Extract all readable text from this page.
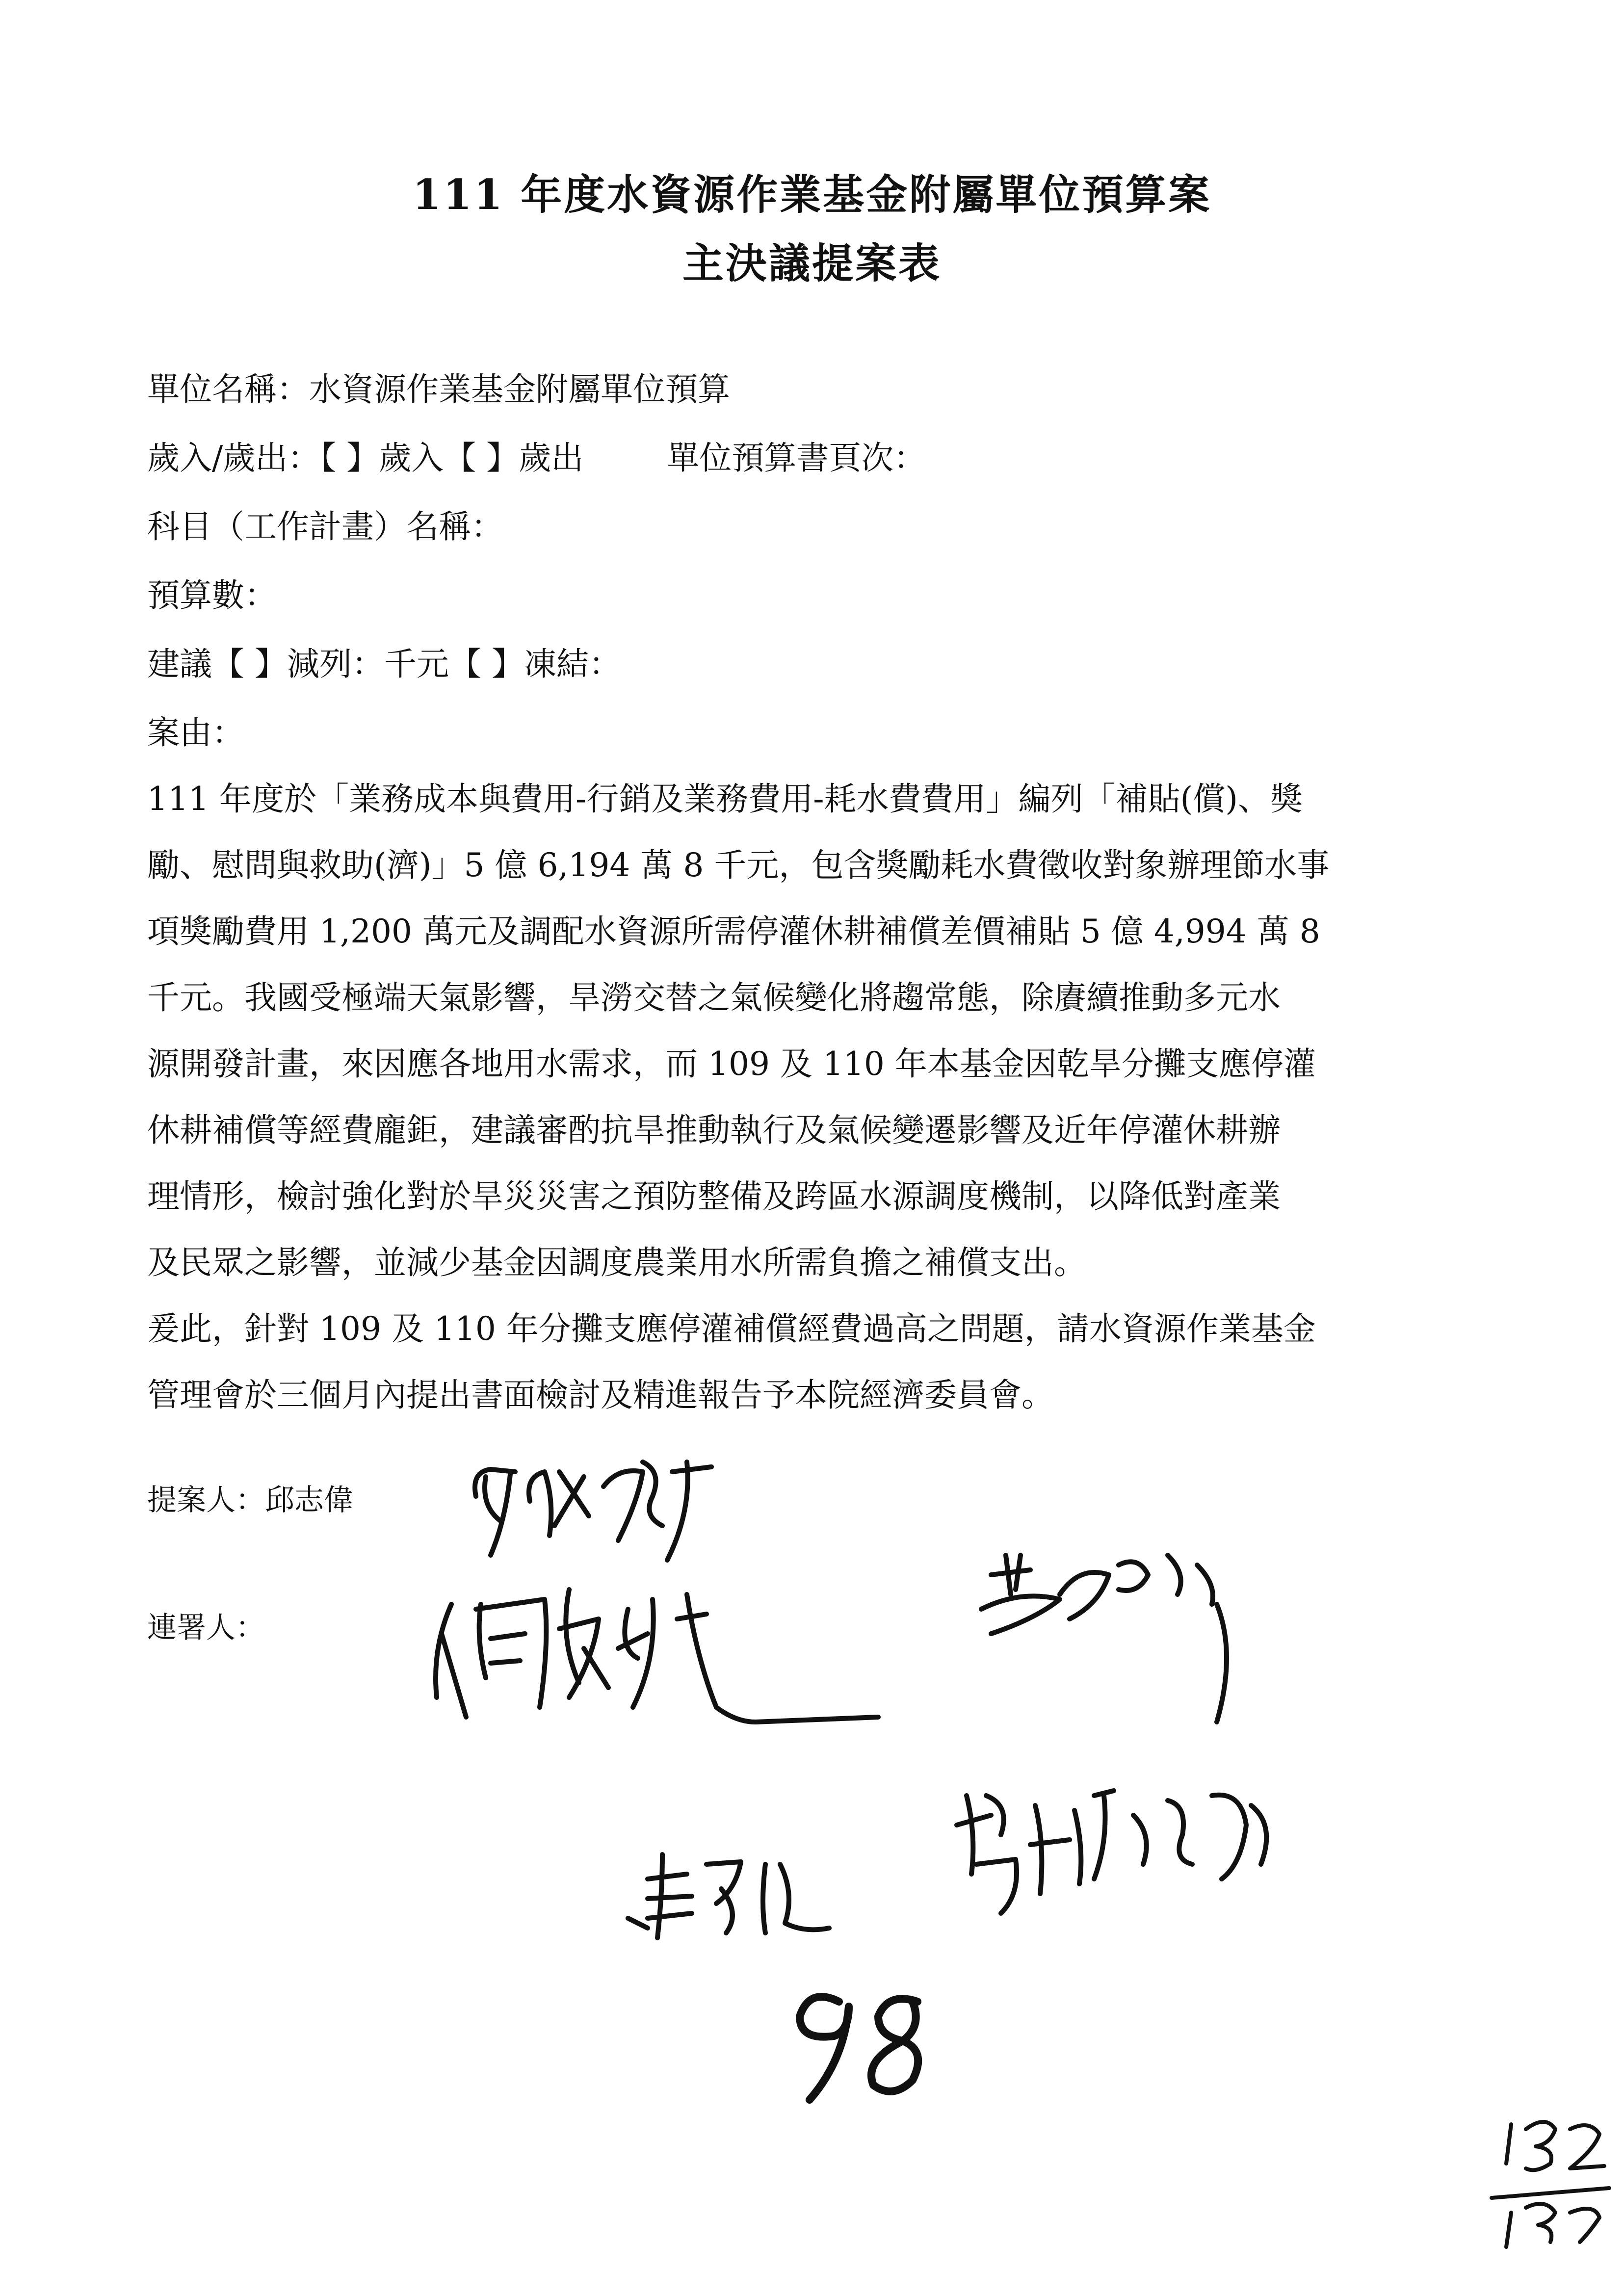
111 年度水資源作業基金附屬單位預算案
主決議提案表
單位名稱：水資源作業基金附屬單位預算
歲入/歲出：【 】歲入【 】歲出	單位預算書頁次：
科目（工作計畫）名稱：
預算數：
建議【 】減列：千元【 】凍結：
案由：
111 年度於「業務成本與費用-行銷及業務費用-耗水費費用」編列「補貼(償)、獎
勵、慰問與救助(濟)」5 億 6,194 萬 8 千元，包含獎勵耗水費徵收對象辦理節水事
項獎勵費用 1,200 萬元及調配水資源所需停灌休耕補償差價補貼 5 億 4,994 萬 8
千元。我國受極端天氣影響，旱澇交替之氣候變化將趨常態，除賡續推動多元水
源開發計畫，來因應各地用水需求，而 109 及 110 年本基金因乾旱分攤支應停灌
休耕補償等經費龐鉅，建議審酌抗旱推動執行及氣候變遷影響及近年停灌休耕辦
理情形，檢討強化對於旱災災害之預防整備及跨區水源調度機制，以降低對產業
及民眾之影響，並減少基金因調度農業用水所需負擔之補償支出。
爰此，針對 109 及 110 年分攤支應停灌補償經費過高之問題，請水資源作業基金
管理會於三個月內提出書面檢討及精進報告予本院經濟委員會。
提案人：邱志偉
連署人：
